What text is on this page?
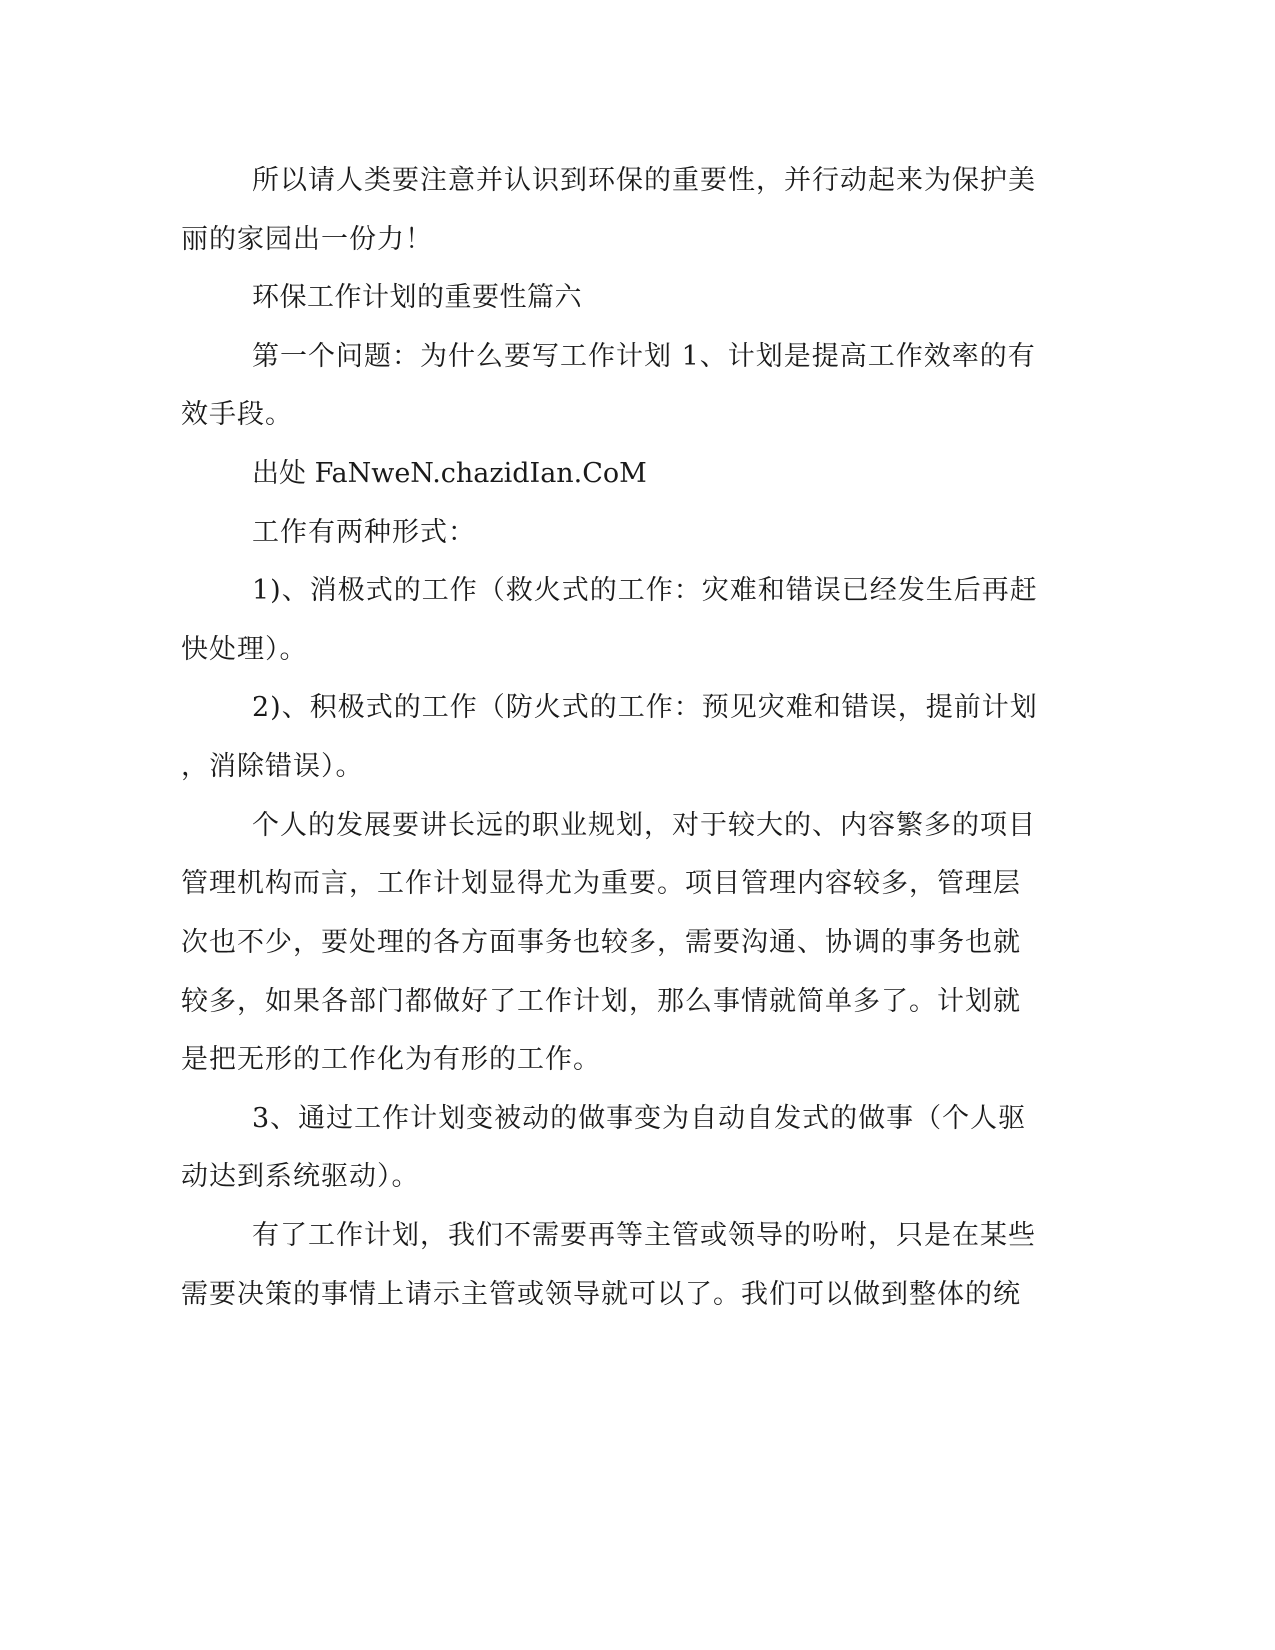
所以请人类要注意并认识到环保的重要性，并行动起来为保护美
丽的家园出一份力！
环保工作计划的重要性篇六
第一个问题：为什么要写工作计划 1、计划是提高工作效率的有
效手段。
出处 FaNweN.chazidIan.CoM
工作有两种形式：
1)、消极式的工作（救火式的工作：灾难和错误已经发生后再赶
快处理）。
2)、积极式的工作（防火式的工作：预见灾难和错误，提前计划
，消除错误）。
个人的发展要讲长远的职业规划，对于较大的、内容繁多的项目
管理机构而言，工作计划显得尤为重要。项目管理内容较多，管理层
次也不少，要处理的各方面事务也较多，需要沟通、协调的事务也就
较多，如果各部门都做好了工作计划，那么事情就简单多了。计划就
是把无形的工作化为有形的工作。
3、通过工作计划变被动的做事变为自动自发式的做事（个人驱
动达到系统驱动）。
有了工作计划，我们不需要再等主管或领导的吩咐，只是在某些
需要决策的事情上请示主管或领导就可以了。我们可以做到整体的统
